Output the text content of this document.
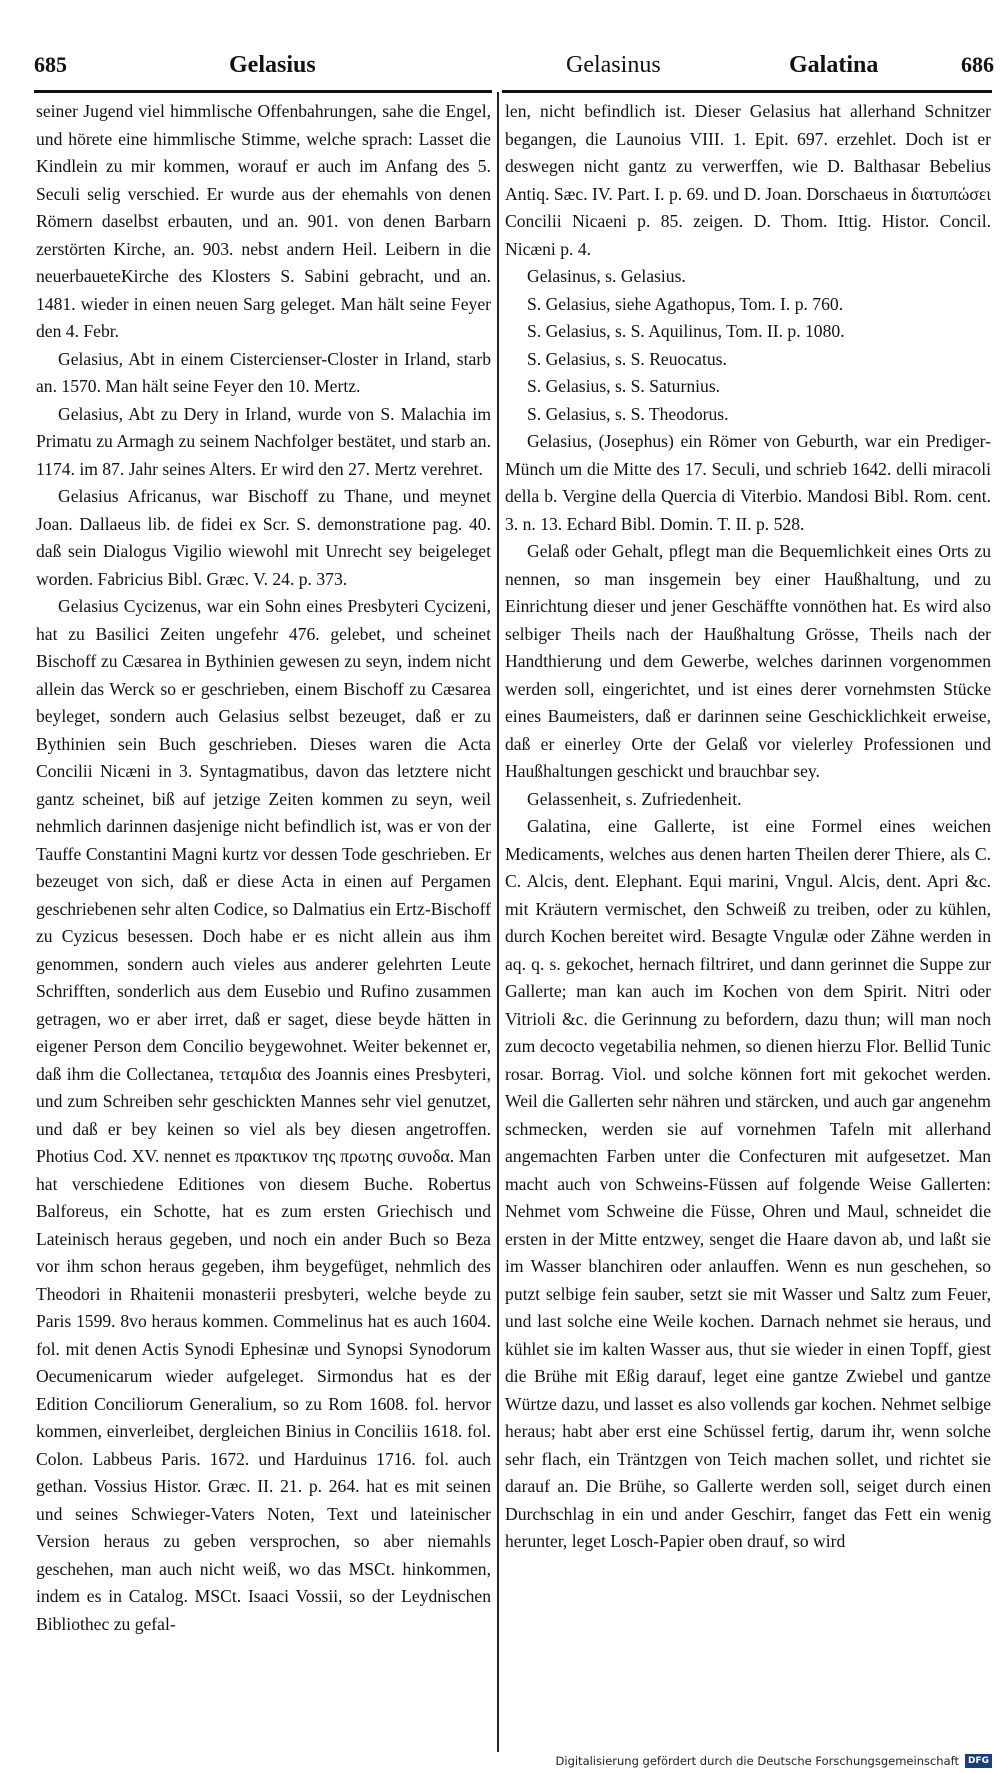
685	Gelasius	Gelasinus	Galatina	686

seiner Jugend viel himmlische Offenbahrungen, sahe die Engel, und hörete eine himmlische Stimme, welche sprach: Lasset die Kindlein zu mir kommen, worauf er auch im Anfang des 5. Seculi selig verschied. Er wurde aus der ehemahls von denen Römern daselbst erbauten, und an. 901. von denen Barbarn zerstörten Kirche, an. 903. nebst andern Heil. Leibern in die neuerbaueteKirche des Klosters S. Sabini gebracht, und an. 1481. wieder in einen neuen Sarg geleget. Man hält seine Feyer den 4. Febr.

Gelasius, Abt in einem Cistercienser-Closter in Irland, starb an. 1570. Man hält seine Feyer den 10. Mertz.

Gelasius, Abt zu Dery in Irland, wurde von S. Malachia im Primatu zu Armagh zu seinem Nachfolger bestätet, und starb an. 1174. im 87. Jahr seines Alters. Er wird den 27. Mertz verehret.

Gelasius Africanus, war Bischoff zu Thane, und meynet Joan. Dallaeus lib. de fidei ex Scr. S. demonstratione pag. 40. daß sein Dialogus Vigilio wiewohl mit Unrecht sey beigeleget worden. Fabricius Bibl. Græc. V. 24. p. 373.

Gelasius Cycizenus, war ein Sohn eines Presbyteri Cycizeni, hat zu Basilici Zeiten ungefehr 476. gelebet, und scheinet Bischoff zu Cæsarea in Bythinien gewesen zu seyn, indem nicht allein das Werck so er geschrieben, einem Bischoff zu Cæsarea beyleget, sondern auch Gelasius selbst bezeuget, daß er zu Bythinien sein Buch geschrieben. Dieses waren die Acta Concilii Nicæni in 3. Syntagmatibus, davon das letztere nicht gantz scheinet, biß auf jetzige Zeiten kommen zu seyn, weil nehmlich darinnen dasjenige nicht befindlich ist, was er von der Tauffe Constantini Magni kurtz vor dessen Tode geschrieben. Er bezeuget von sich, daß er diese Acta in einen auf Pergamen geschriebenen sehr alten Codice, so Dalmatius ein Ertz-Bischoff zu Cyzicus besessen. Doch habe er es nicht allein aus ihm genommen, sondern auch vieles aus anderer gelehrten Leute Schrifften, sonderlich aus dem Eusebio und Rufino zusammen getragen, wo er aber irret, daß er saget, diese beyde hätten in eigener Person dem Concilio beygewohnet. Weiter bekennet er, daß ihm die Collectanea, τεταμδια des Joannis eines Presbyteri, und zum Schreiben sehr geschickten Mannes sehr viel genutzet, und daß er bey keinen so viel als bey diesen angetroffen. Photius Cod. XV. nennet es πρακτικον της πρωτης συνοδα. Man hat verschiedene Editiones von diesem Buche. Robertus Balforeus, ein Schotte, hat es zum ersten Griechisch und Lateinisch heraus gegeben, und noch ein ander Buch so Beza vor ihm schon heraus gegeben, ihm beygefüget, nehmlich des Theodori in Rhaitenii monasterii presbyteri, welche beyde zu Paris 1599. 8vo heraus kommen. Commelinus hat es auch 1604. fol. mit denen Actis Synodi Ephesinæ und Synopsi Synodorum Oecumenicarum wieder aufgeleget. Sirmondus hat es der Edition Conciliorum Generalium, so zu Rom 1608. fol. hervor kommen, einverleibet, dergleichen Binius in Conciliis 1618. fol. Colon. Labbeus Paris. 1672. und Harduinus 1716. fol. auch gethan. Vossius Histor. Græc. II. 21. p. 264. hat es mit seinen und seines Schwieger-Vaters Noten, Text und lateinischer Version heraus zu geben versprochen, so aber niemahls geschehen, man auch nicht weiß, wo das MSCt. hinkommen, indem es in Catalog. MSCt. Isaaci Vossii, so der Leydnischen Bibliothec zu gefal-

len, nicht befindlich ist. Dieser Gelasius hat allerhand Schnitzer begangen, die Launoius VIII. 1. Epit. 697. erzehlet. Doch ist er deswegen nicht gantz zu verwerffen, wie D. Balthasar Bebelius Antiq. Sæc. IV. Part. I. p. 69. und D. Joan. Dorschaeus in διατυπώσει Concilii Nicaeni p. 85. zeigen. D. Thom. Ittig. Histor. Concil. Nicæni p. 4.

Gelasinus, s. Gelasius.

S. Gelasius, siehe Agathopus, Tom. I. p. 760.

S. Gelasius, s. S. Aquilinus, Tom. II. p. 1080.

S. Gelasius, s. S. Reuocatus.

S. Gelasius, s. S. Saturnius.

S. Gelasius, s. S. Theodorus.

Gelasius, (Josephus) ein Römer von Geburth, war ein Prediger-Münch um die Mitte des 17. Seculi, und schrieb 1642. delli miracoli della b. Vergine della Quercia di Viterbio. Mandosi Bibl. Rom. cent. 3. n. 13. Echard Bibl. Domin. T. II. p. 528.

Gelaß oder Gehalt, pflegt man die Bequemlichkeit eines Orts zu nennen, so man insgemein bey einer Haußhaltung, und zu Einrichtung dieser und jener Geschäffte vonnöthen hat. Es wird also selbiger Theils nach der Haußhaltung Grösse, Theils nach der Handthierung und dem Gewerbe, welches darinnen vorgenommen werden soll, eingerichtet, und ist eines derer vornehmsten Stücke eines Baumeisters, daß er darinnen seine Geschicklichkeit erweise, daß er einerley Orte der Gelaß vor vielerley Professionen und Haußhaltungen geschickt und brauchbar sey.

Gelassenheit, s. Zufriedenheit.

Galatina, eine Gallerte, ist eine Formel eines weichen Medicaments, welches aus denen harten Theilen derer Thiere, als C. C. Alcis, dent. Elephant. Equi marini, Vngul. Alcis, dent. Apri &c. mit Kräutern vermischet, den Schweiß zu treiben, oder zu kühlen, durch Kochen bereitet wird. Besagte Vngulæ oder Zähne werden in aq. q. s. gekochet, hernach filtriret, und dann gerinnet die Suppe zur Gallerte; man kan auch im Kochen von dem Spirit. Nitri oder Vitrioli &c. die Gerinnung zu befordern, dazu thun; will man noch zum decocto vegetabilia nehmen, so dienen hierzu Flor. Bellid Tunic rosar. Borrag. Viol. und solche können fort mit gekochet werden. Weil die Gallerten sehr nähren und stärcken, und auch gar angenehm schmecken, werden sie auf vornehmen Tafeln mit allerhand angemachten Farben unter die Confecturen mit aufgesetzet. Man macht auch von Schweins-Füssen auf folgende Weise Gallerten: Nehmet vom Schweine die Füsse, Ohren und Maul, schneidet die ersten in der Mitte entzwey, senget die Haare davon ab, und laßt sie im Wasser blanchiren oder anlauffen. Wenn es nun geschehen, so putzt selbige fein sauber, setzt sie mit Wasser und Saltz zum Feuer, und last solche eine Weile kochen. Darnach nehmet sie heraus, und kühlet sie im kalten Wasser aus, thut sie wieder in einen Topff, giest die Brühe mit Eßig darauf, leget eine gantze Zwiebel und gantze Würtze dazu, und lasset es also vollends gar kochen. Nehmet selbige heraus; habt aber erst eine Schüssel fertig, darum ihr, wenn solche sehr flach, ein Träntzgen von Teich machen sollet, und richtet sie darauf an. Die Brühe, so Gallerte werden soll, seiget durch einen Durchschlag in ein und ander Geschirr, fanget das Fett ein wenig herunter, leget Losch-Papier oben drauf, so wird

Digitalisierung gefördert durch die Deutsche Forschungsgemeinschaft	DFG
